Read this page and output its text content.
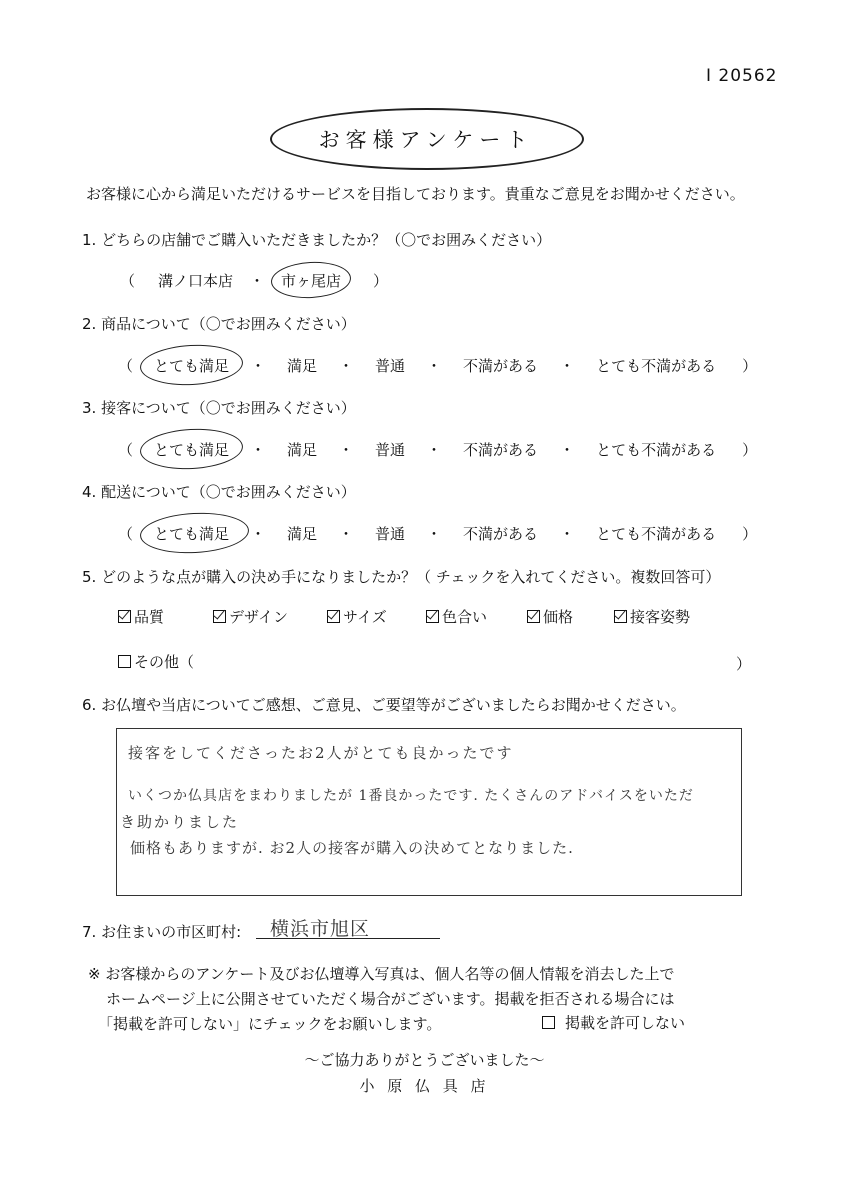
I 20562
お客様アンケート
お客様に心から満足いただけるサービスを目指しております。貴重なご意見をお聞かせください。
1. どちらの店舗でご購入いただきましたか？（〇でお囲みください）
（	溝ノ口本店	・	市ヶ尾店 ）
2. 商品について（〇でお囲みください）
（	とても満足	・	満足	・	普通	・	不満がある	・	とても不満がある ）
3. 接客について（〇でお囲みください）
（	とても満足	・	満足	・	普通	・	不満がある	・	とても不満がある ）
4. 配送について（〇でお囲みください）
（	とても満足	・	満足	・	普通	・	不満がある	・	とても不満がある ）
5. どのような点が購入の決め手になりましたか？（ チェックを入れてください。複数回答可）
品質	デザイン	サイズ	色合い	価格	接客姿勢
その他（	）
6. お仏壇や当店についてご感想、ご意見、ご要望等がございましたらお聞かせください。
接客をしてくださったお2人がとても良かったです
いくつか仏具店をまわりましたが 1番良かったです. たくさんのアドバイスをいただ
き助かりました
価格もありますが. お2人の接客が購入の決めてとなりました.
7. お住まいの市区町村:	横浜市旭区
※ お客様からのアンケート及びお仏壇導入写真は、個人名等の個人情報を消去した上で
ホームページ上に公開させていただく場合がございます。掲載を拒否される場合には
「掲載を許可しない」にチェックをお願いします。	掲載を許可しない
～ご協力ありがとうございました～
小 原 仏 具 店
